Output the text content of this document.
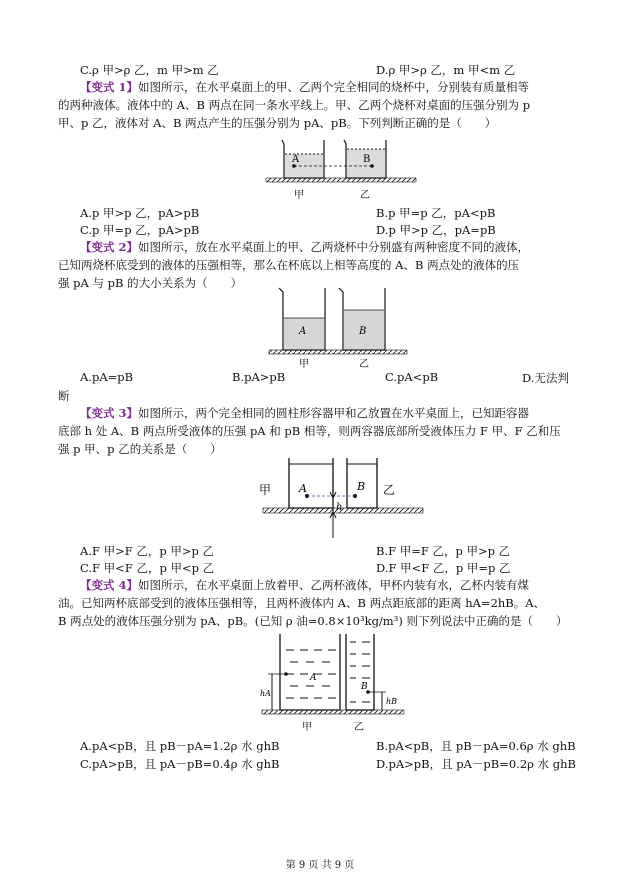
C.ρ 甲>ρ 乙，m 甲>m 乙	D.ρ 甲>ρ 乙，m 甲<m 乙
【变式 1】如图所示，在水平桌面上的甲、乙两个完全相同的烧杯中，分别装有质量相等
的两种液体。液体中的 A、B 两点在同一条水平线上。甲、乙两个烧杯对桌面的压强分别为 p
甲、p 乙，液体对 A、B 两点产生的压强分别为 pA、pB。下列判断正确的是（　　）
A	B
甲	乙
A.p 甲>p 乙，pA>pB	B.p 甲=p 乙，pA<pB
C.p 甲=p 乙，pA>pB	D.p 甲>p 乙，pA=pB
【变式 2】如图所示，放在水平桌面上的甲、乙两烧杯中分别盛有两种密度不同的液体，
已知两烧杯底受到的液体的压强相等，那么在杯底以上相等高度的 A、B 两点处的液体的压
强 pA 与 pB 的大小关系为（　　）
A	B
甲	乙
A.pA=pB	B.pA>pB	C.pA<pB	D.无法判
断
【变式 3】如图所示，两个完全相同的圆柱形容器甲和乙放置在水平桌面上，已知距容器
底部 h 处 A、B 两点所受液体的压强 pA 和 pB 相等，则两容器底部所受液体压力 F 甲、F 乙和压
强 p 甲、p 乙的关系是（　　）
甲	乙
A	B
h
A.F 甲>F 乙，p 甲>p 乙	B.F 甲=F 乙，p 甲>p 乙
C.F 甲<F 乙，p 甲<p 乙	D.F 甲<F 乙，p 甲=p 乙
【变式 4】如图所示，在水平桌面上放着甲、乙两杯液体，甲杯内装有水，乙杯内装有煤
油。已知两杯底部受到的液体压强相等，且两杯液体内 A、B 两点距底部的距离 hA=2hB。A、
B 两点处的液体压强分别为 pA、pB。(已知 ρ 油=0.8×10³kg/m³) 则下列说法中正确的是（　　）
A
B
hA
hB
甲	乙
A.pA<pB，且 pB－pA=1.2ρ 水 ghB	B.pA<pB，且 pB－pA=0.6ρ 水 ghB
C.pA>pB，且 pA－pB=0.4ρ 水 ghB	D.pA>pB，且 pA－pB=0.2ρ 水 ghB
第 9 页 共 9 页
